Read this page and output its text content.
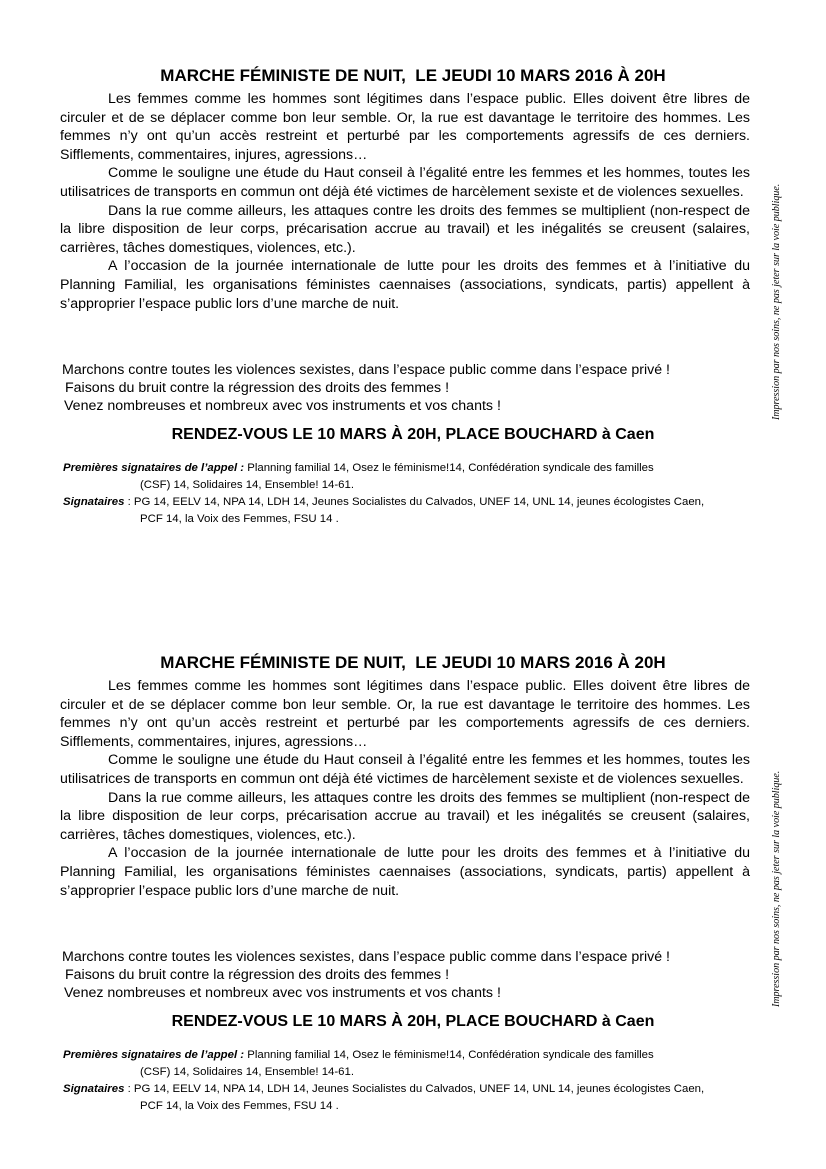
MARCHE FÉMINISTE DE NUIT,  LE JEUDI 10 MARS 2016 À 20H

Les femmes comme les hommes sont légitimes dans l’espace public. Elles doivent être libres de circuler et de se déplacer comme bon leur semble. Or, la rue est davantage le territoire des hommes. Les femmes n’y ont qu’un accès restreint et perturbé par les comportements agressifs de ces derniers. Sifflements, commentaires, injures, agressions…

Comme le souligne une étude du Haut conseil à l’égalité entre les femmes et les hommes, toutes les utilisatrices de transports en commun ont déjà été victimes de harcèlement sexiste et de violences sexuelles.

Dans la rue comme ailleurs, les attaques contre les droits des femmes se multiplient (non-respect de la libre disposition de leur corps, précarisation accrue au travail) et les inégalités se creusent (salaires, carrières, tâches domestiques, violences, etc.).

A l’occasion de la journée internationale de lutte pour les droits des femmes et à l’initiative du Planning Familial, les organisations féministes caennaises (associations, syndicats, partis) appellent à s’approprier l’espace public lors d’une marche de nuit.

Marchons contre toutes les violences sexistes, dans l’espace public comme dans l’espace privé !
Faisons du bruit contre la régression des droits des femmes !
Venez nombreuses et nombreux avec vos instruments et vos chants !
RENDEZ-VOUS LE 10 MARS À 20H, PLACE BOUCHARD à Caen
Premières signataires de l’appel : Planning familial 14, Osez le féminisme!14, Confédération syndicale des familles
(CSF) 14, Solidaires 14, Ensemble! 14-61.
Signataires : PG 14, EELV 14, NPA 14, LDH 14, Jeunes Socialistes du Calvados, UNEF 14, UNL 14, jeunes écologistes Caen,
PCF 14, la Voix des Femmes, FSU 14 .
Impression par nos soins, ne pas jeter sur la voie publique.
MARCHE FÉMINISTE DE NUIT,  LE JEUDI 10 MARS 2016 À 20H

Les femmes comme les hommes sont légitimes dans l’espace public. Elles doivent être libres de circuler et de se déplacer comme bon leur semble. Or, la rue est davantage le territoire des hommes. Les femmes n’y ont qu’un accès restreint et perturbé par les comportements agressifs de ces derniers. Sifflements, commentaires, injures, agressions…

Comme le souligne une étude du Haut conseil à l’égalité entre les femmes et les hommes, toutes les utilisatrices de transports en commun ont déjà été victimes de harcèlement sexiste et de violences sexuelles.

Dans la rue comme ailleurs, les attaques contre les droits des femmes se multiplient (non-respect de la libre disposition de leur corps, précarisation accrue au travail) et les inégalités se creusent (salaires, carrières, tâches domestiques, violences, etc.).

A l’occasion de la journée internationale de lutte pour les droits des femmes et à l’initiative du Planning Familial, les organisations féministes caennaises (associations, syndicats, partis) appellent à s’approprier l’espace public lors d’une marche de nuit.

Marchons contre toutes les violences sexistes, dans l’espace public comme dans l’espace privé !
Faisons du bruit contre la régression des droits des femmes !
Venez nombreuses et nombreux avec vos instruments et vos chants !
RENDEZ-VOUS LE 10 MARS À 20H, PLACE BOUCHARD à Caen
Premières signataires de l’appel : Planning familial 14, Osez le féminisme!14, Confédération syndicale des familles
(CSF) 14, Solidaires 14, Ensemble! 14-61.
Signataires : PG 14, EELV 14, NPA 14, LDH 14, Jeunes Socialistes du Calvados, UNEF 14, UNL 14, jeunes écologistes Caen,
PCF 14, la Voix des Femmes, FSU 14 .
Impression par nos soins, ne pas jeter sur la voie publique.
